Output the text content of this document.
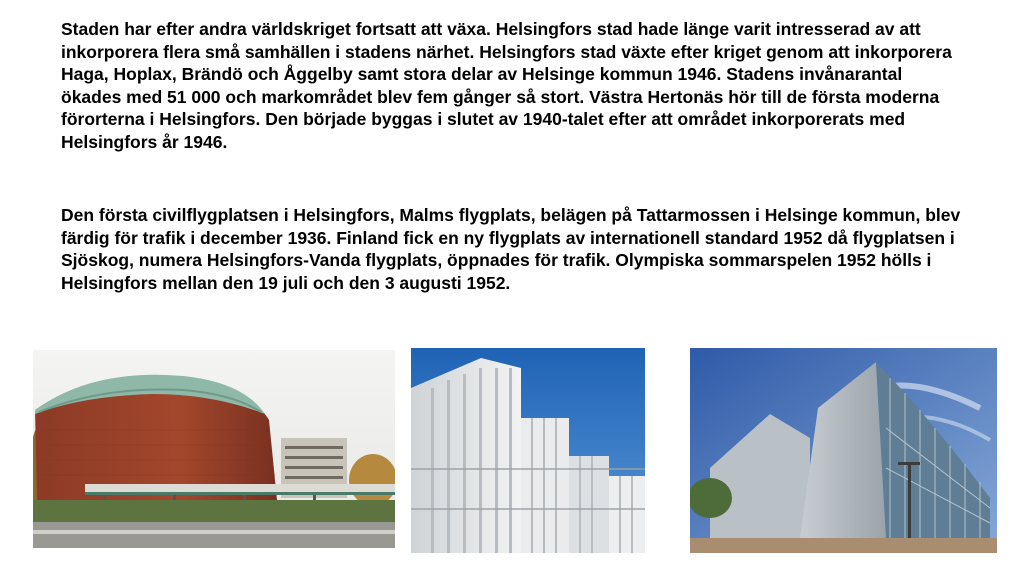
Staden har efter andra världskriget fortsatt att växa. Helsingfors stad hade länge varit intresserad av att inkorporera flera små samhällen i stadens närhet. Helsingfors stad växte efter kriget genom att inkorporera Haga, Hoplax, Brändö och Åggelby samt stora delar av Helsinge kommun 1946. Stadens invånarantal ökades med 51 000 och markområdet blev fem gånger så stort. Västra Hertonäs hör till de första moderna förorterna i Helsingfors. Den började byggas i slutet av 1940-talet efter att området inkorporerats med Helsingfors år 1946.

Den första civilflygplatsen i Helsingfors, Malms flygplats, belägen på Tattarmossen i Helsinge kommun, blev färdig för trafik i december 1936. Finland fick en ny flygplats av internationell standard 1952 då flygplatsen i Sjöskog, numera Helsingfors-Vanda flygplats, öppnades för trafik. Olympiska sommarspelen 1952 hölls i Helsingfors mellan den 19 juli och den 3 augusti 1952.
